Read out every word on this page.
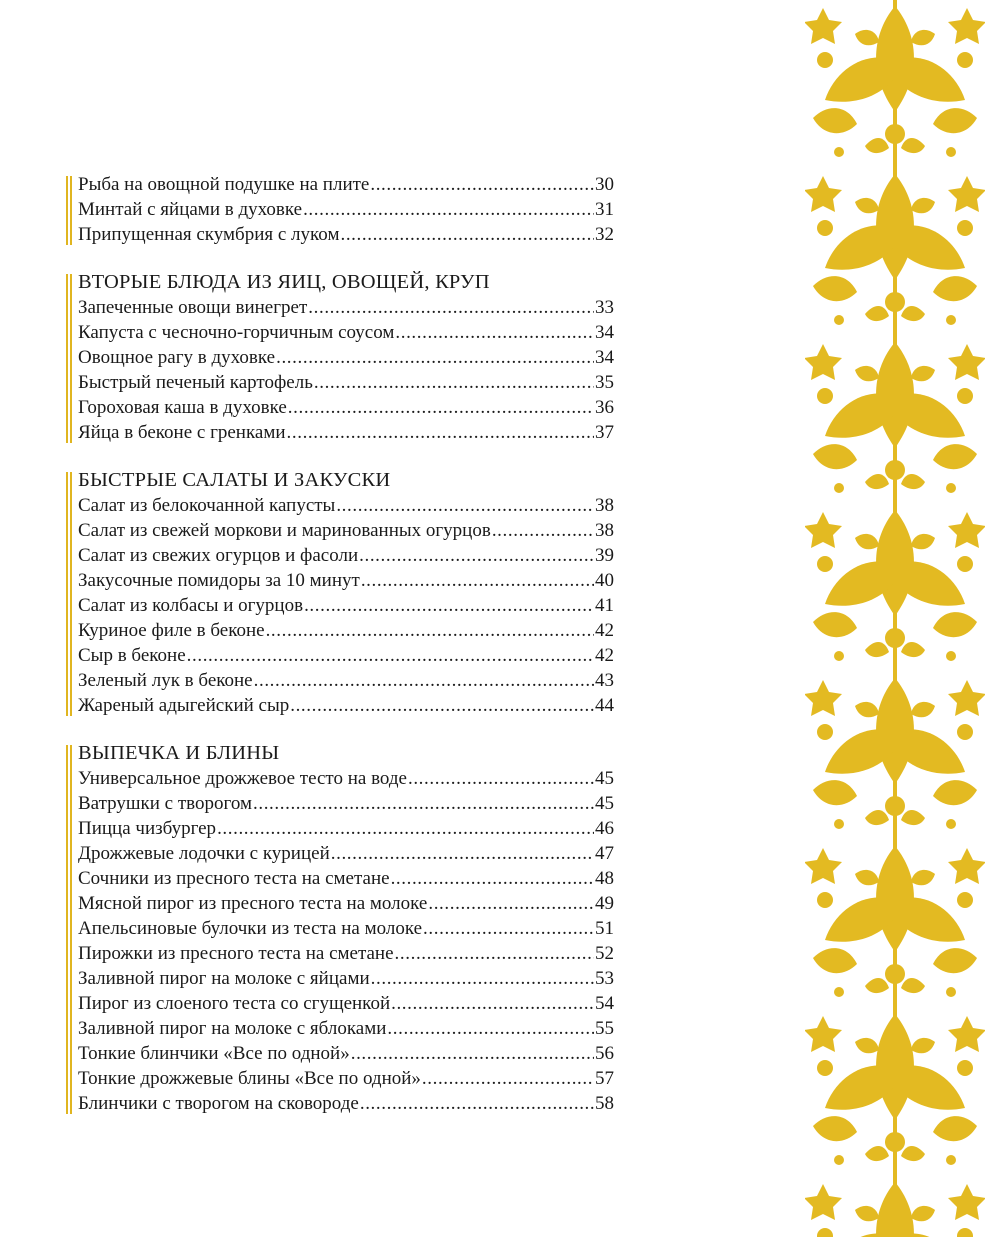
Рыба на овощной подушке на плите .....	30
Минтай с яйцами в духовке .....	31
Припущенная скумбрия с луком .....	32
ВТОРЫЕ БЛЮДА ИЗ ЯИЦ, ОВОЩЕЙ, КРУП
Запеченные овощи винегрет .....	33
Капуста с чесночно-горчичным соусом .....	34
Овощное рагу в духовке .....	34
Быстрый печеный картофель .....	35
Гороховая каша в духовке .....	36
Яйца в беконе с гренками .....	37
БЫСТРЫЕ САЛАТЫ И ЗАКУСКИ
Салат из белокочанной капусты .....	38
Салат из свежей моркови и маринованных огурцов .....	38
Салат из свежих огурцов и фасоли .....	39
Закусочные помидоры за 10 минут .....	40
Салат из колбасы и огурцов .....	41
Куриное филе в беконе .....	42
Сыр в беконе .....	42
Зеленый лук в беконе .....	43
Жареный адыгейский сыр .....	44
ВЫПЕЧКА И БЛИНЫ
Универсальное дрожжевое тесто на воде .....	45
Ватрушки с творогом .....	45
Пицца чизбургер .....	46
Дрожжевые лодочки с курицей .....	47
Сочники из пресного теста на сметане .....	48
Мясной пирог из пресного теста на молоке .....	49
Апельсиновые булочки из теста на молоке .....	51
Пирожки из пресного теста на сметане .....	52
Заливной пирог на молоке с яйцами .....	53
Пирог из слоеного теста со сгущенкой .....	54
Заливной пирог на молоке с яблоками .....	55
Тонкие блинчики «Все по одной» .....	56
Тонкие дрожжевые блины «Все по одной» .....	57
Блинчики с творогом на сковороде .....	58
